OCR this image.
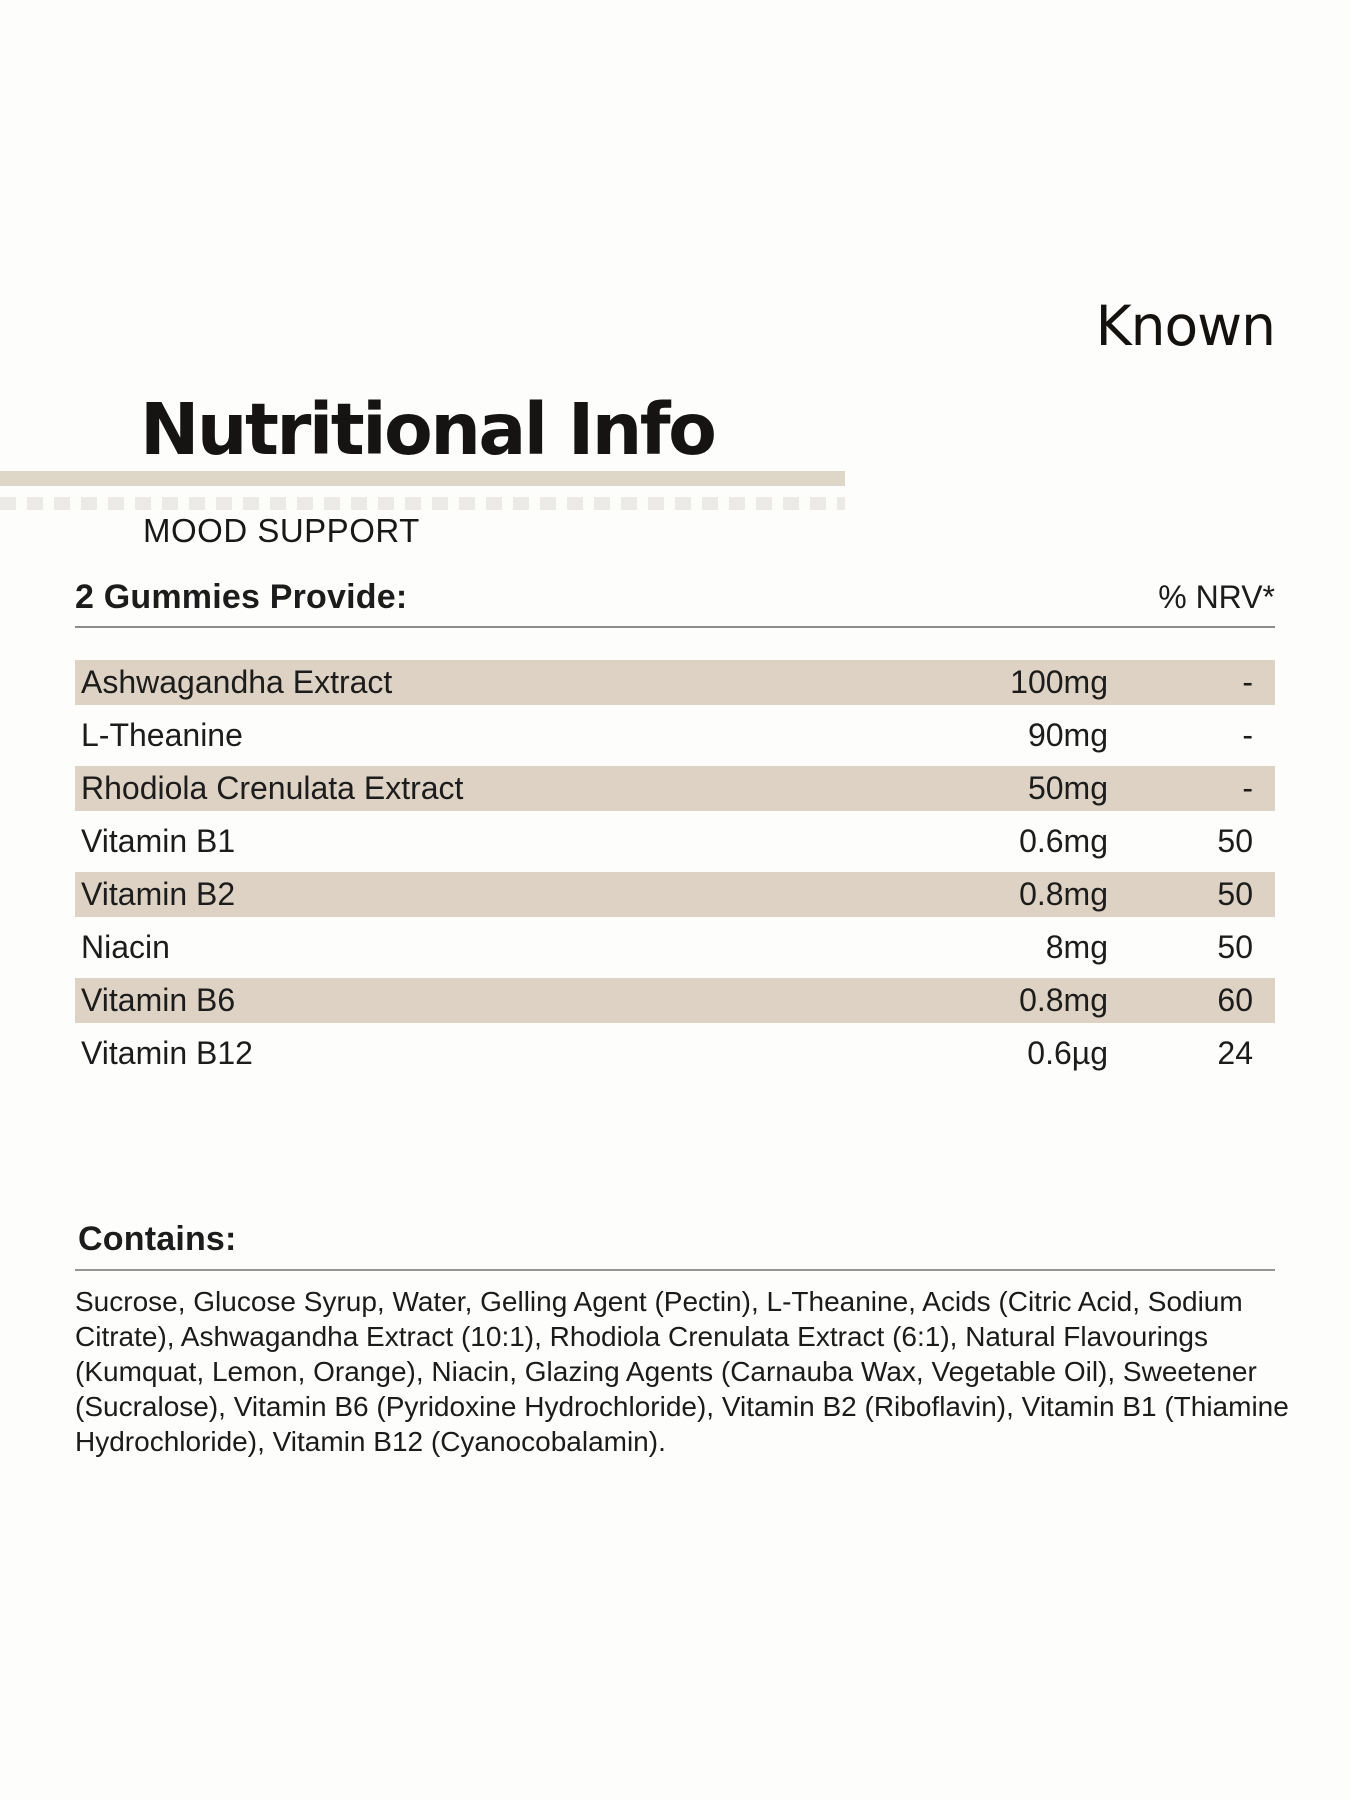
Known
Nutritional Info
MOOD SUPPORT
2 Gummies Provide:	% NRV*
Ashwagandha Extract	100mg	-
L-Theanine	90mg	-
Rhodiola Crenulata Extract	50mg	-
Vitamin B1	0.6mg	50
Vitamin B2	0.8mg	50
Niacin	8mg	50
Vitamin B6	0.8mg	60
Vitamin B12	0.6µg	24
Contains:

Sucrose, Glucose Syrup, Water, Gelling Agent (Pectin), L-Theanine, Acids (Citric Acid, Sodium Citrate), Ashwagandha Extract (10:1), Rhodiola Crenulata Extract (6:1), Natural Flavourings (Kumquat, Lemon, Orange), Niacin, Glazing Agents (Carnauba Wax, Vegetable Oil), Sweetener (Sucralose), Vitamin B6 (Pyridoxine Hydrochloride), Vitamin B2 (Riboflavin), Vitamin B1 (Thiamine Hydrochloride), Vitamin B12 (Cyanocobalamin).
